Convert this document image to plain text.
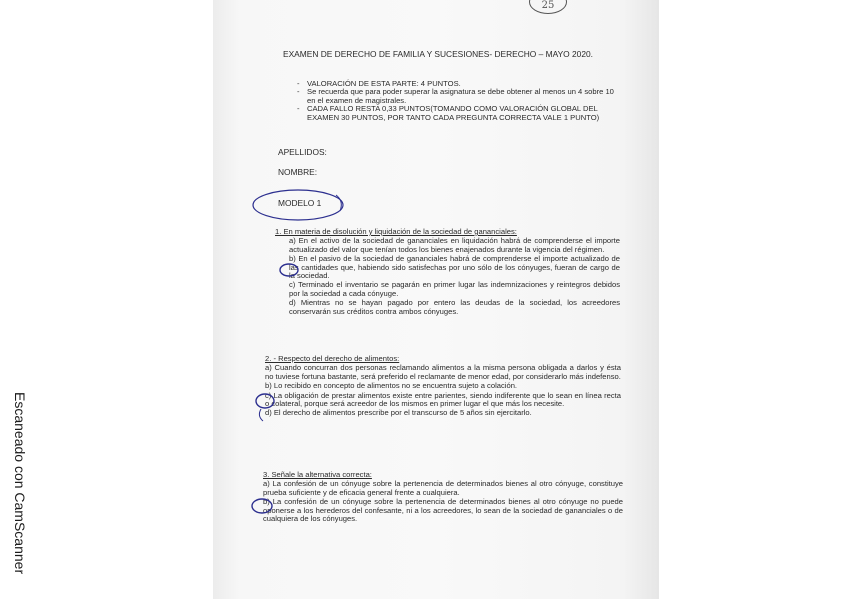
Escaneado con CamScanner
25
EXAMEN DE DERECHO DE FAMILIA Y SUCESIONES- DERECHO – MAYO 2020.
- VALORACIÓN DE ESTA PARTE: 4 PUNTOS.
- Se recuerda que para poder superar la asignatura se debe obtener al menos un 4 sobre 10 en el examen de magistrales.
- CADA FALLO RESTA 0,33 PUNTOS(TOMANDO COMO VALORACIÓN GLOBAL DEL EXAMEN 30 PUNTOS, POR TANTO CADA PREGUNTA CORRECTA VALE 1 PUNTO)
APELLIDOS:
NOMBRE:
MODELO 1
1. En materia de disolución y liquidación de la sociedad de gananciales:
a) En el activo de la sociedad de gananciales en liquidación habrá de comprenderse el importe actualizado del valor que tenían todos los bienes enajenados durante la vigencia del régimen.
b) En el pasivo de la sociedad de gananciales habrá de comprenderse el importe actualizado de las cantidades que, habiendo sido satisfechas por uno sólo de los cónyuges, fueran de cargo de la sociedad.
c) Terminado el inventario se pagarán en primer lugar las indemnizaciones y reintegros debidos por la sociedad a cada cónyuge.
d) Mientras no se hayan pagado por entero las deudas de la sociedad, los acreedores conservarán sus créditos contra ambos cónyuges.
2. - Respecto del derecho de alimentos:
a) Cuando concurran dos personas reclamando alimentos a la misma persona obligada a darlos y ésta no tuviese fortuna bastante, será preferido el reclamante de menor edad, por considerarlo más indefenso.
b) Lo recibido en concepto de alimentos no se encuentra sujeto a colación.
c) La obligación de prestar alimentos existe entre parientes, siendo indiferente que lo sean en línea recta o colateral, porque será acreedor de los mismos en primer lugar el que más los necesite.
d) El derecho de alimentos prescribe por el transcurso de 5 años sin ejercitarlo.
3. Señale la alternativa correcta:
a) La confesión de un cónyuge sobre la pertenencia de determinados bienes al otro cónyuge, constituye prueba suficiente y de eficacia general frente a cualquiera.
b) La confesión de un cónyuge sobre la pertenencia de determinados bienes al otro cónyuge no puede oponerse a los herederos del confesante, ni a los acreedores, lo sean de la sociedad de gananciales o de cualquiera de los cónyuges.
